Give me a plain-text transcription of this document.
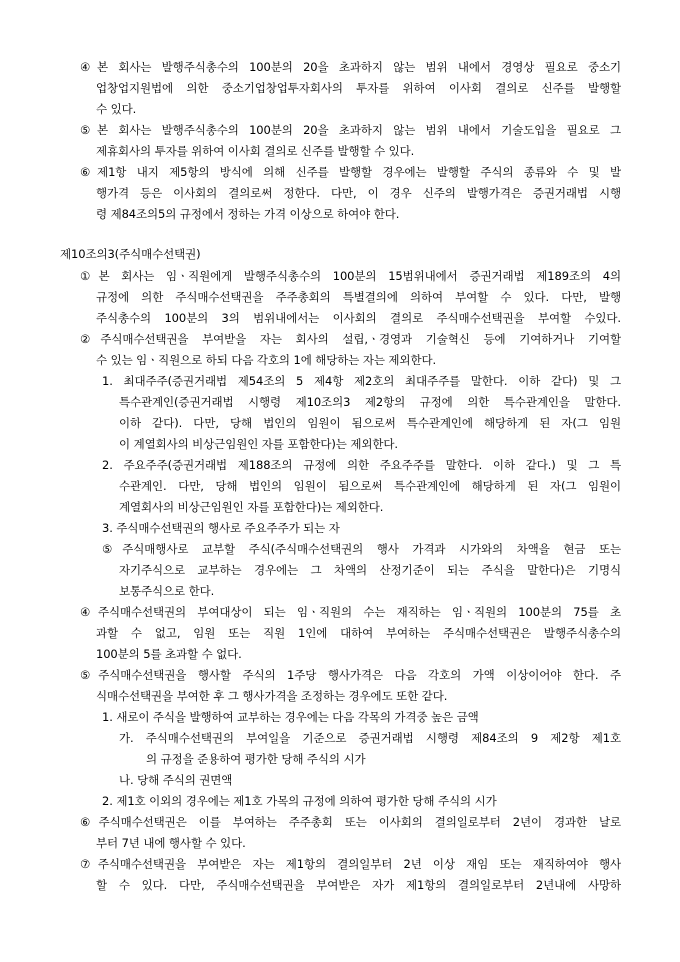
④본 회사는 발행주식총수의 100분의 20을 초과하지 않는 범위 내에서 경영상 필요로 중소기
업창업지원법에 의한 중소기업창업투자회사의 투자를 위하여 이사회 결의로 신주를 발행할
수 있다.
⑤본 회사는 발행주식총수의 100분의 20을 초과하지 않는 범위 내에서 기술도입을 필요로 그
제휴회사의 투자를 위하여 이사회 결의로 신주를 발행할 수 있다.
⑥제1항 내지 제5항의 방식에 의해 신주를 발행할 경우에는 발행할 주식의 종류와 수 및 발
행가격 등은 이사회의 결의로써 정한다. 다만, 이 경우 신주의 발행가격은 증권거래법 시행
령 제84조의5의 규정에서 정하는 가격 이상으로 하여야 한다.
제10조의3(주식매수선택권)
①본 회사는 임ㆍ직원에게 발행주식총수의 100분의 15범위내에서 증권거래법 제189조의 4의
규정에 의한 주식매수선택권을 주주총회의 특별결의에 의하여 부여할 수 있다. 다만, 발행
주식총수의 100분의 3의 범위내에서는 이사회의 결의로 주식매수선택권을 부여할 수있다.
②주식매수선택권을 부여받을 자는 회사의 설립,ㆍ경영과 기술혁신 등에 기여하거나 기여할
수 있는 임ㆍ직원으로 하되 다음 각호의 1에 해당하는 자는 제외한다.
1. 최대주주(증권거래법 제54조의 5 제4항 제2호의 최대주주를 말한다. 이하 같다) 및 그
특수관계인(증권거래법 시행령 제10조의3 제2항의 규정에 의한 특수관계인을 말한다.
이하 같다). 다만, 당해 법인의 임원이 됨으로써 특수관계인에 해당하게 된 자(그 임원
이 계열회사의 비상근임원인 자를 포함한다)는 제외한다.
2. 주요주주(증권거래법 제188조의 규정에 의한 주요주주를 말한다. 이하 같다.) 및 그 특
수관계인. 다만, 당해 법인의 임원이 됨으로써 특수관계인에 해당하게 된 자(그 임원이
계열회사의 비상근임원인 자를 포함한다)는 제외한다.
3. 주식매수선택권의 행사로 주요주주가 되는 자
⑤주식매행사로 교부할 주식(주식매수선택권의 행사 가격과 시가와의 차액을 현금 또는
자기주식으로 교부하는 경우에는 그 차액의 산정기준이 되는 주식을 말한다)은 기명식
보통주식으로 한다.
④주식매수선택권의 부여대상이 되는 임ㆍ직원의 수는 재직하는 임ㆍ직원의 100분의 75를 초
과할 수 없고, 임원 또는 직원 1인에 대하여 부여하는 주식매수선택권은 발행주식총수의
100분의 5를 초과할 수 없다.
⑤주식매수선택권을 행사할 주식의 1주당 행사가격은 다음 각호의 가액 이상이어야 한다. 주
식매수선택권을 부여한 후 그 행사가격을 조정하는 경우에도 또한 같다.
1. 새로이 주식을 발행하여 교부하는 경우에는 다음 각목의 가격중 높은 금액
가. 주식매수선택권의 부여일을 기준으로 증권거래법 시행령 제84조의 9 제2항 제1호
의 규정을 준용하여 평가한 당해 주식의 시가
나. 당해 주식의 권면액
2. 제1호 이외의 경우에는 제1호 가목의 규정에 의하여 평가한 당해 주식의 시가
⑥주식매수선택권은 이를 부여하는 주주총회 또는 이사회의 결의일로부터 2년이 경과한 날로
부터 7년 내에 행사할 수 있다.
⑦주식매수선택권을 부여받은 자는 제1항의 결의일부터 2년 이상 재임 또는 재직하여야 행사
할 수 있다. 다만, 주식매수선택권을 부여받은 자가 제1항의 결의일로부터 2년내에 사망하
